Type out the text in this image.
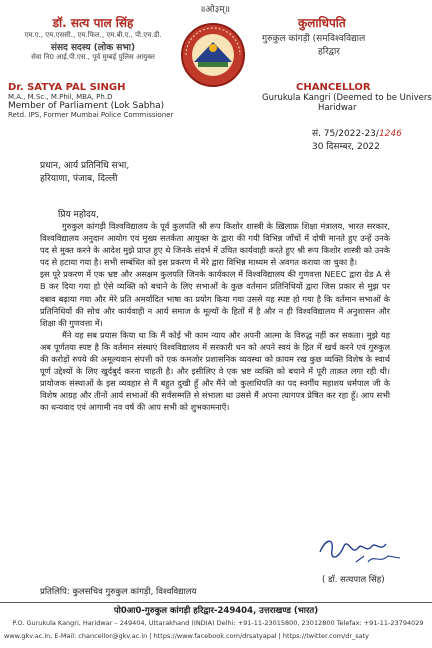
॥ओ३म्॥
डॉ. सत्य पाल सिंह
एम.ए., एम.एससी., एम.फिल., एम.बी.ए., पी.एच.डी.
संसद सदस्य (लोक सभा)
सेवा नि0 आई.पी.एस., पूर्व मुम्बई पुलिस आयुक्त
Dr. SATYA PAL SINGH
M.A., M.Sc., M.Phil, MBA, Ph.D
Member of Parliament (Lok Sabha)
Retd. IPS, Former Mumbai Police Commissioner
कुलाधिपति
गुरुकुल कांगड़ी (समविश्वविद्याल
हरिद्वार
CHANCELLOR
Gurukula Kangri (Deemed to be Univers
Haridwar
सं. 75/2022-23/1246
30 दिसम्बर, 2022
प्रधान, आर्य प्रतिनिधि सभा,
हरियाणा, पंजाब, दिल्ली
प्रिय महोदय,

गुरुकुल कांगड़ी विश्वविद्यालय के पूर्व कुलपति श्री रूप किशोर शास्त्री के ख़िलाफ़ शिक्षा मंत्रालय, भारत सरकार, विश्वविद्यालय अनुदान आयोग एवं मुख्य सतर्कता आयुक्त के द्वारा की गयी विभिन्न जाँचों में दोषी मानते हुए उन्हें उनके पद से मुक्त करने के आदेश मुझे प्राप्त हुए थे जिनके संदर्भ में उचित कार्यवाही करते हुए श्री रूप किशोर शास्त्री को उनके पद से हटाया गया है। सभी सम्बंधित को इस प्रकरण में मेरे द्वारा विभिन्न माध्यम से अवगत कराया जा चुका है।

इस पूरे प्रकरण में एक भ्रष्ट और असक्षम कुलपति जिनके कार्यकाल में विश्वविद्यालय की गुणवत्ता NEEC द्वारा ग्रेड A से B कर दिया गया हो ऐसे व्यक्ति को बचाने के लिए सभाओं के कुछ वर्तमान प्रतिनिधियों द्वारा जिस प्रकार से मुझ पर दबाव बढ़ाया गया और मेरे प्रति अमर्यादित भाषा का प्रयोग किया गया उससे यह स्पष्ट हो गया है कि वर्तमान सभाओं के प्रतिनिधियों की सोच और कार्यवाही न आर्य समाज के मूल्यों के हितों में है और न ही विश्वविद्यालय में अनुशासन और शिक्षा की गुणवत्ता में।

मैंने यह सब प्रयास किया था कि मैं कोई भी काम न्याय और अपनी आत्मा के विरुद्ध नहीं कर सकता। मुझे यह अब पूर्णतया स्पष्ट है कि वर्तमान संस्थाएं विश्वविद्यालय में सरकारी धन को अपने स्वयं के हित में खर्च करने एवं गुरुकुल की करोड़ों रुपये की अमूल्यवान संपत्ती को एक कमजोर प्रशासनिक व्यवस्था को क़ायम रख कुछ व्यक्ति विशेष के स्वार्थ पूर्ण उद्देश्यों के लिए खुर्दबुर्द करना चाहती है। और इसीलिए वे एक भ्रष्ट व्यक्ति को बचाने में पूरी ताक़त लगा रही थी। प्रायोजक संस्थाओं के इस व्यवहार से मैं बहुत दुखी हूँ और मैंने जो कुलाधिपति का पद स्वर्गीय महाशय धर्मपाल जी के विशेष आग्रह और तीनों आर्य सभाओं की सर्वसम्मति से संभाला था उससे मैं अपना त्यागपत्र प्रेषित कर रहा हूँ। आप सभी का धन्यवाद एवं आगामी नव वर्ष की आप सभी को शुभकामनाएँ।

( डॉ. सत्यपाल सिंह)
प्रतिलिपि: कुलसचिव गुरुकुल कांगड़ी, विश्वविद्यालय
पो0आ0-गुरुकुल कांगड़ी हरिद्वार-249404, उत्तराखण्ड (भारत)
P.O. Gurukula Kangri, Haridwar – 249404, Uttarakhand (INDIA) Delhi: +91-11-23015800, 23012800 Telefax: +91-11-23794029
www.gkv.ac.in, E-Mail: chancellor@gkv.ac.in | https://www.facebook.com/drsatyapal | https://twitter.com/dr_saty
